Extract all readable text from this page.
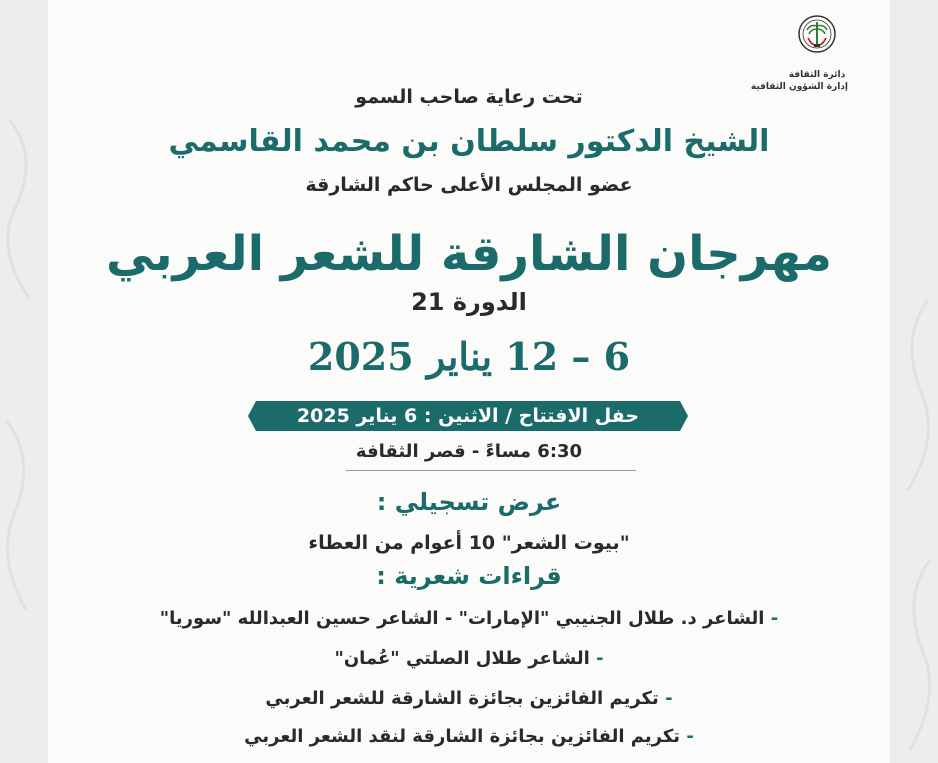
دائرة الثقافة
إدارة الشؤون الثقافية
تحت رعاية صاحب السمو
الشيخ الدكتور سلطان بن محمد القاسمي
عضو المجلس الأعلى حاكم الشارقة
مهرجان الشارقة للشعر العربي
الدورة 21
6 – 12 يناير 2025
حفل الافتتاح / الاثنين : 6 يناير 2025
6:30 مساءً - قصر الثقافة
عرض تسجيلي :
"بيوت الشعر" 10 أعوام من العطاء
قراءات شعرية :
- الشاعر د. طلال الجنيبي "الإمارات" - الشاعر حسين العبدالله "سوريا"
- الشاعر طلال الصلتي "عُمان"
- تكريم الفائزين بجائزة الشارقة للشعر العربي
- تكريم الفائزين بجائزة الشارقة لنقد الشعر العربي
